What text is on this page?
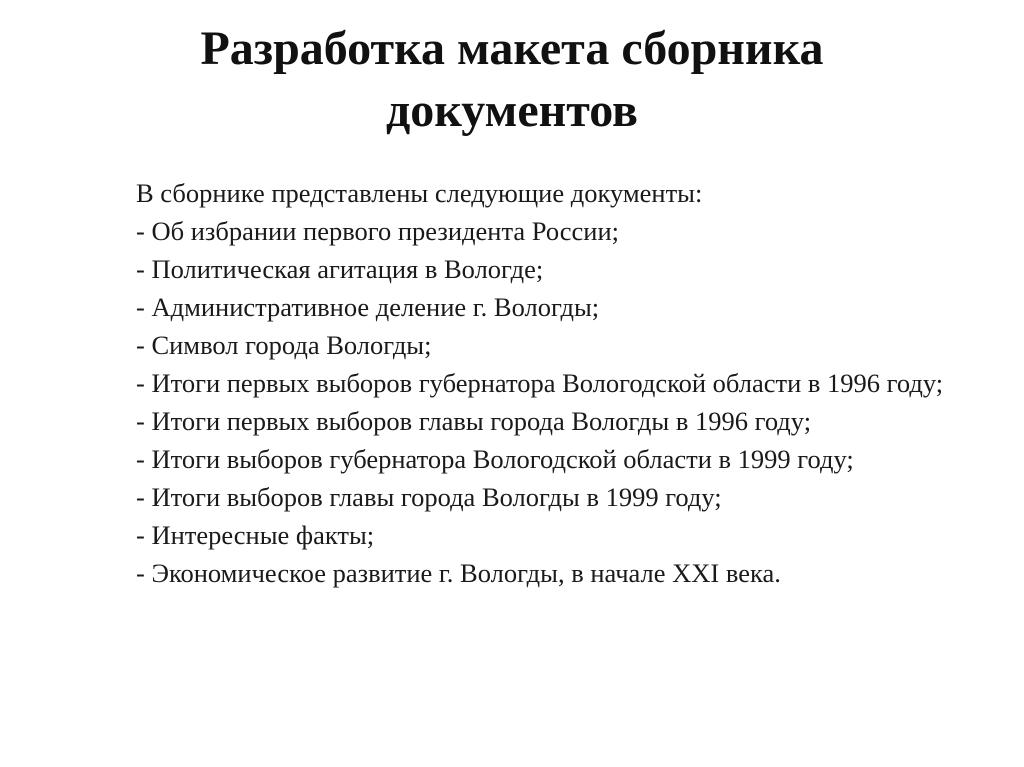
Разработка макета сборника документов

В сборнике представлены следующие документы:

- Об избрании первого президента России;

- Политическая агитация в Вологде;

- Административное деление г. Вологды;

- Символ города Вологды;

- Итоги первых выборов губернатора Вологодской области в 1996 году;

- Итоги первых выборов главы города Вологды в 1996 году;

- Итоги выборов губернатора Вологодской области в 1999 году;

- Итоги выборов главы города Вологды в 1999 году;

- Интересные факты;

- Экономическое развитие г. Вологды, в начале XXI века.
